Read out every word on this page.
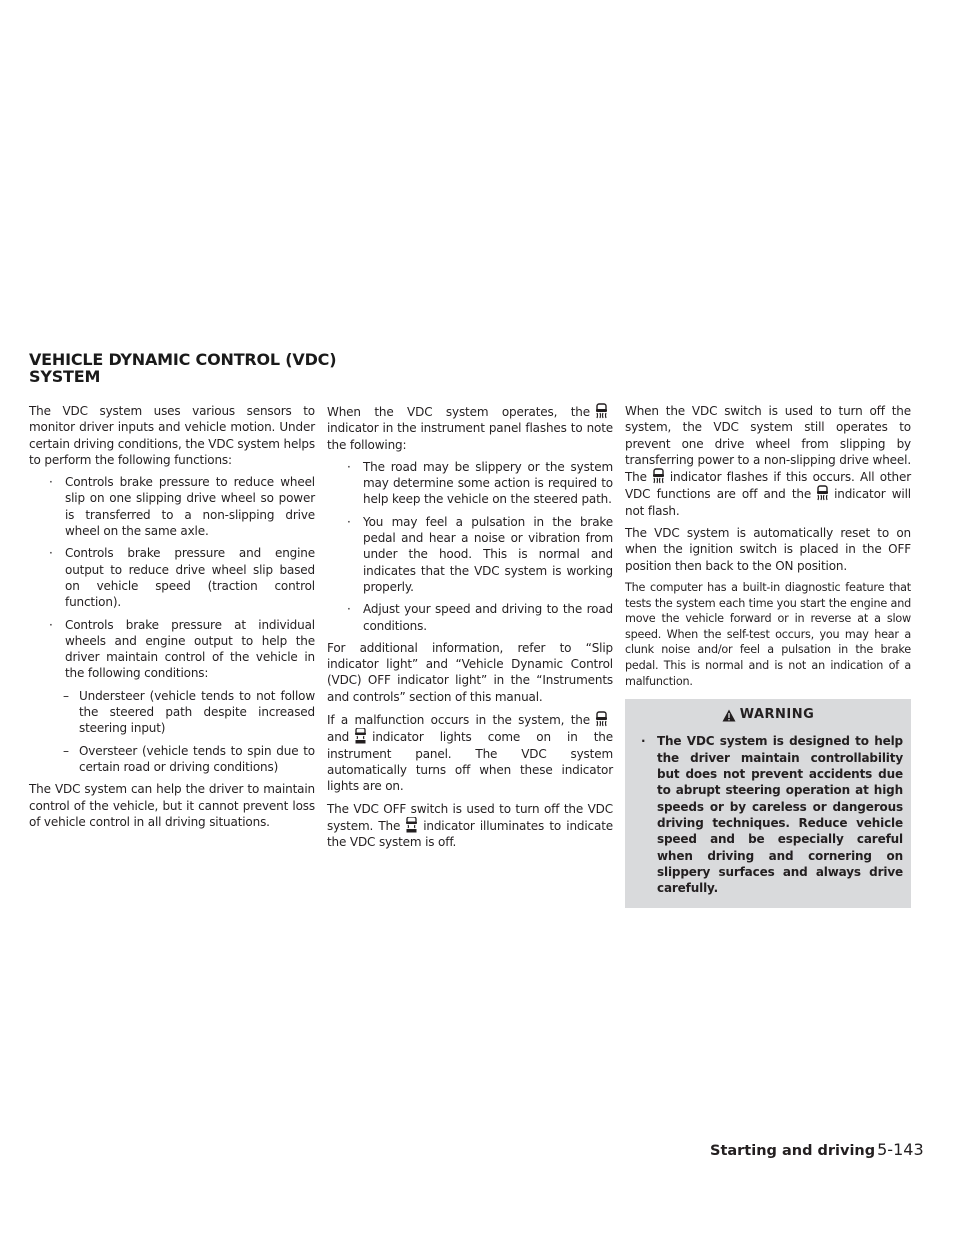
VEHICLE DYNAMIC CONTROL (VDC) SYSTEM

The VDC system uses various sensors to monitor driver inputs and vehicle motion. Under certain driving conditions, the VDC system helps to perform the following functions:

· Controls brake pressure to reduce wheel slip on one slipping drive wheel so power is transferred to a non-slipping drive wheel on the same axle.
· Controls brake pressure and engine output to reduce drive wheel slip based on vehicle speed (traction control function).
· Controls brake pressure at individual wheels and engine output to help the driver maintain control of the vehicle in the following conditions:
– Understeer (vehicle tends to not follow the steered path despite increased steering input)
– Oversteer (vehicle tends to spin due to certain road or driving conditions)

The VDC system can help the driver to maintain control of the vehicle, but it cannot prevent loss of vehicle control in all driving situations.

When the VDC system operates, the
indicator in the instrument panel flashes to note the following:

· The road may be slippery or the system may determine some action is required to help keep the vehicle on the steered path.
· You may feel a pulsation in the brake pedal and hear a noise or vibration from under the hood. This is normal and indicates that the VDC system is working properly.
· Adjust your speed and driving to the road conditions.

For additional information, refer to “Slip indicator light” and “Vehicle Dynamic Control (VDC) OFF indicator light” in the “Instruments and controls” section of this manual.

If a malfunction occurs in the system, the
and indicator lights come on in the instrument panel. The VDC system automatically turns off when these indicator lights are on.

The VDC OFF switch is used to turn off the VDC system. The indicator illuminates to indicate the VDC system is off.

When the VDC switch is used to turn off the system, the VDC system still operates to prevent one drive wheel from slipping by transferring power to a non-slipping drive wheel. The indicator flashes if this occurs. All other VDC functions are off and the indicator will not flash.

The VDC system is automatically reset to on when the ignition switch is placed in the OFF position then back to the ON position.

The computer has a built-in diagnostic feature that tests the system each time you start the engine and move the vehicle forward or in reverse at a slow speed. When the self-test occurs, you may hear a clunk noise and/or feel a pulsation in the brake pedal. This is normal and is not an indication of a malfunction.

WARNING
· The VDC system is designed to help the driver maintain controllability but does not prevent accidents due to abrupt steering operation at high speeds or by careless or dangerous driving techniques. Reduce vehicle speed and be especially careful when driving and cornering on slippery surfaces and always drive carefully.
Starting and driving 5-143
